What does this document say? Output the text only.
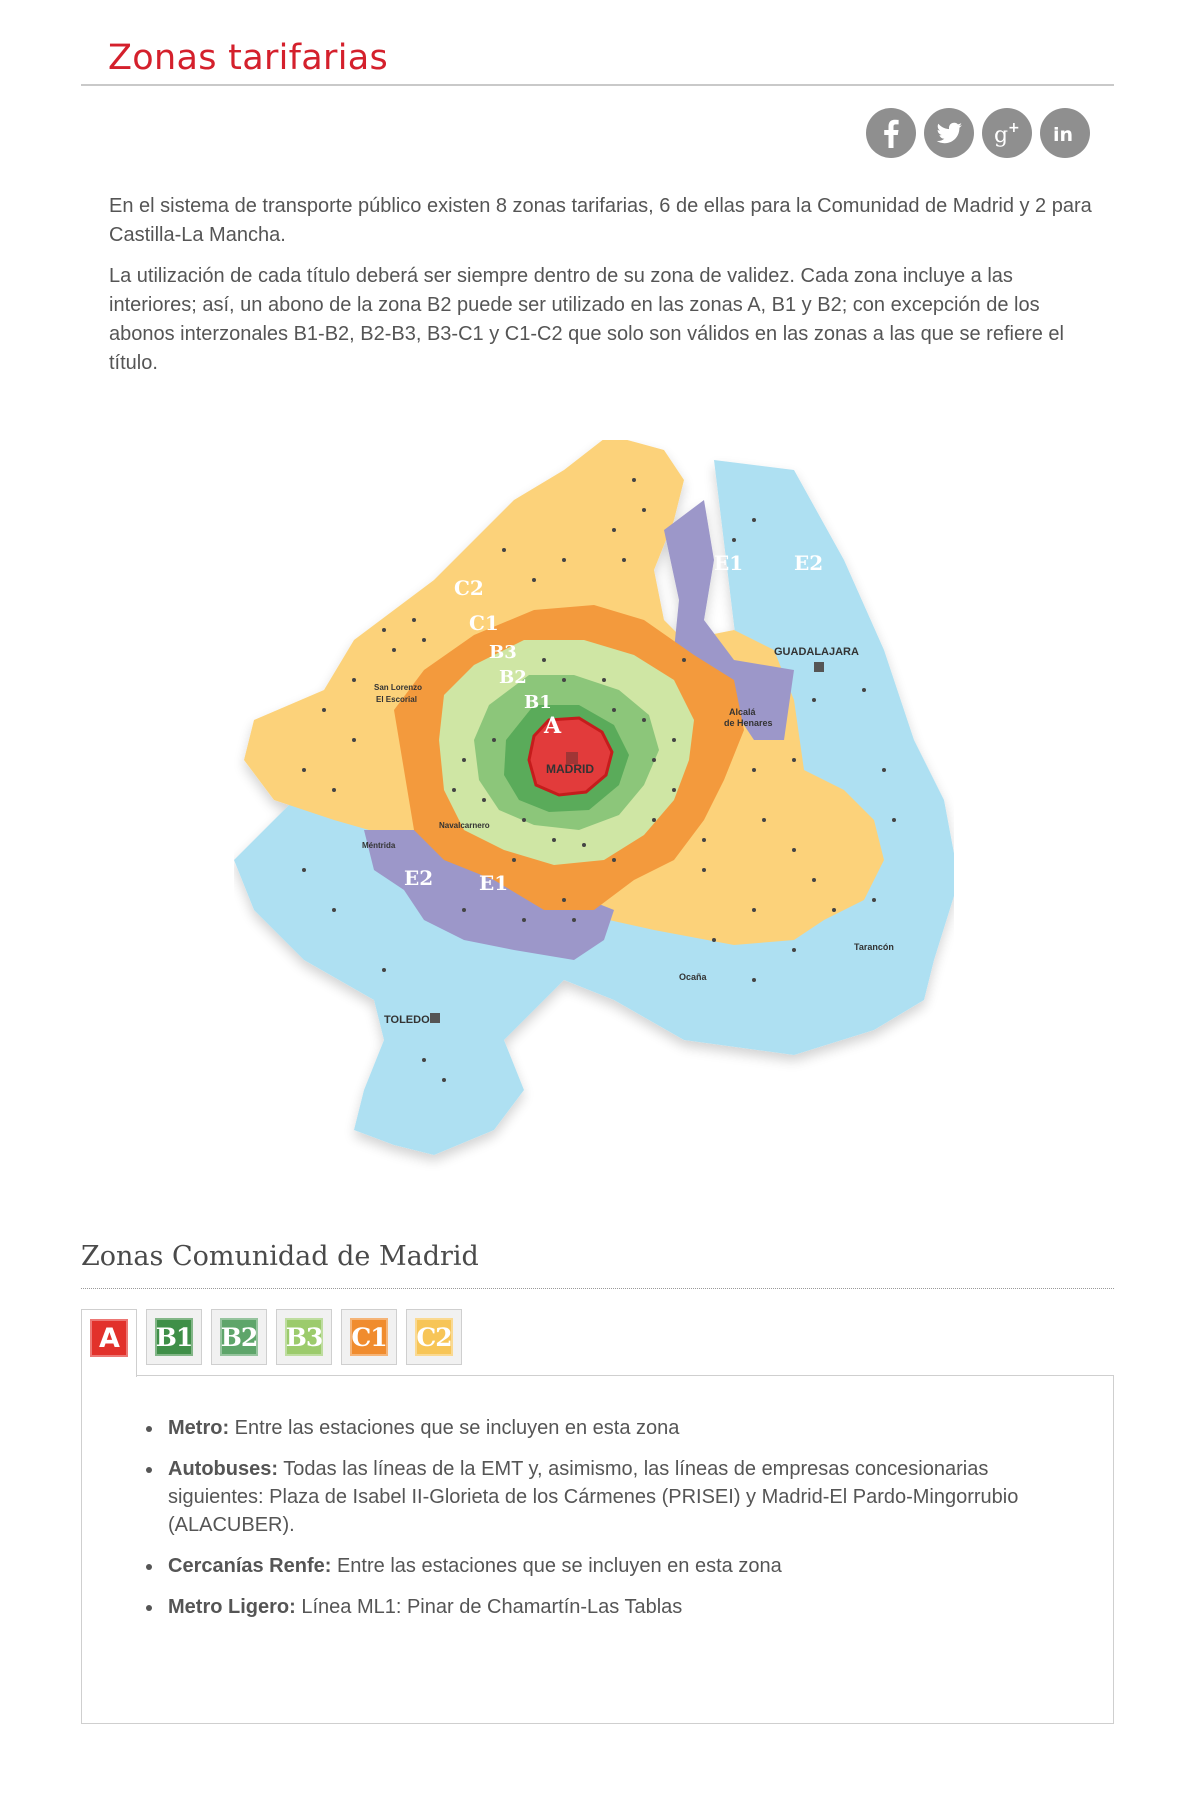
Zonas tarifarias
g + in

En el sistema de transporte público existen 8 zonas tarifarias, 6 de ellas para la Comunidad de Madrid y 2 para Castilla-La Mancha.

La utilización de cada título deberá ser siempre dentro de su zona de validez. Cada zona incluye a las interiores; así, un abono de la zona B2 puede ser utilizado en las zonas A, B1 y B2; con excepción de los abonos interzonales B1-B2, B2-B3, B3-C1 y C1-C2 que solo son válidos en las zonas a las que se refiere el título.

A
B1
B2
B3
C1
C2
E1	E2
E1
E2
MADRID
GUADALAJARA
TOLEDO
San Lorenzo
El Escorial
Alcalá
de Henares
Navalcarnero
Méntrida
Tarancón
Ocaña
Zonas Comunidad de Madrid
A	B1 B2 B3 C1 C2
Metro: Entre las estaciones que se incluyen en esta zona
Autobuses: Todas las líneas de la EMT y, asimismo, las líneas de empresas concesionarias siguientes: Plaza de Isabel II-Glorieta de los Cármenes (PRISEI) y Madrid-El Pardo-Mingorrubio (ALACUBER).
Cercanías Renfe: Entre las estaciones que se incluyen en esta zona
Metro Ligero: Línea ML1: Pinar de Chamartín-Las Tablas
